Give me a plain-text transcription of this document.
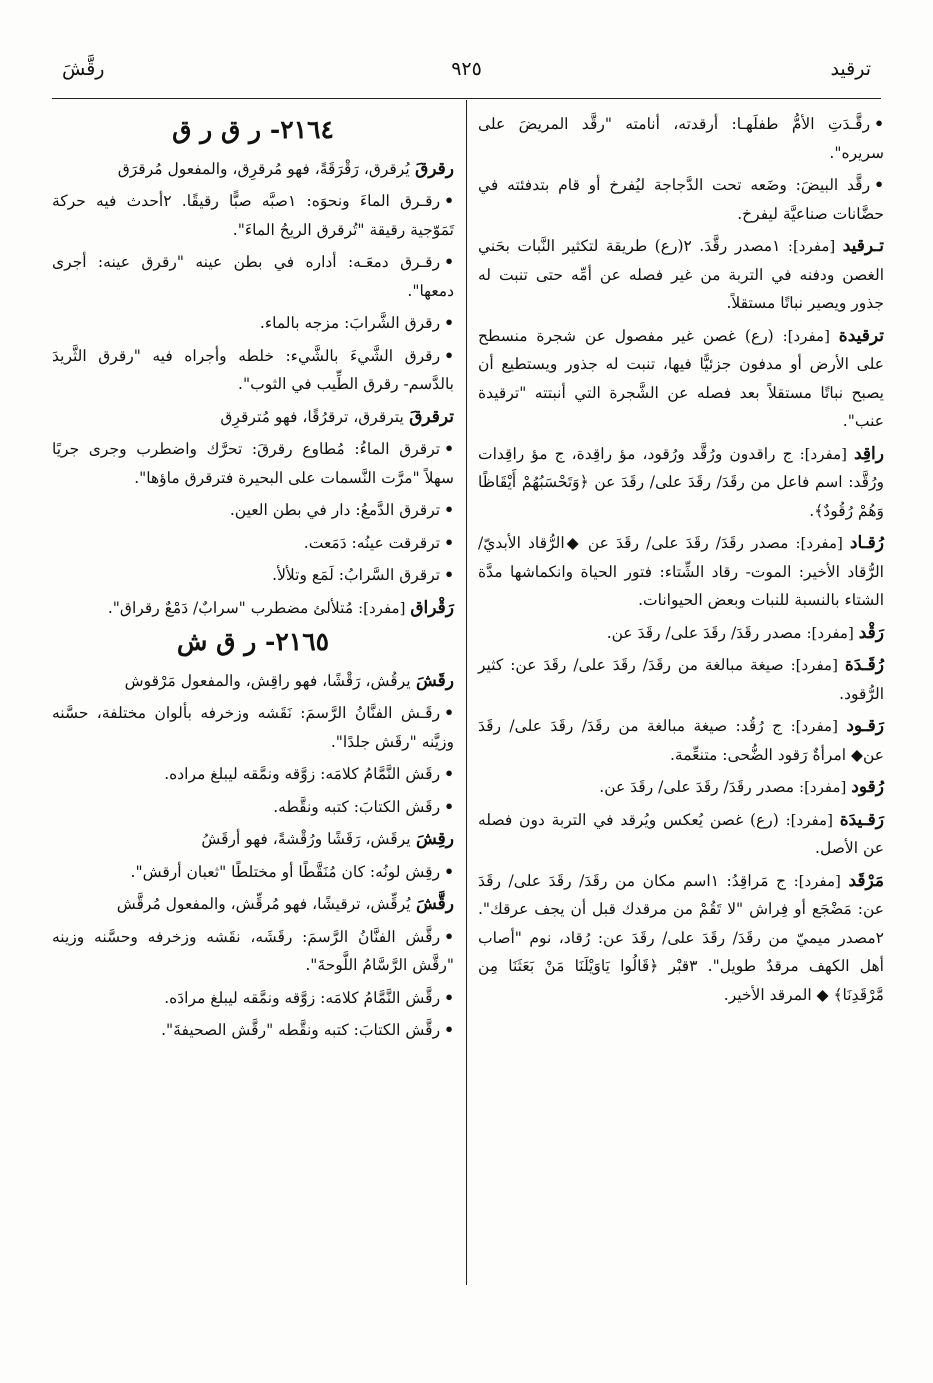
ترقيد
٩٢٥
رقَّشَ
•رقَّـدَتِ الأمُّ طفلَهـا: أرقدته، أنامته "رقَّد المريضَ على سريره".
•رقَّد البيضَ: وضَعه تحت الدَّجاجة ليُفرخ أو قام بتدفئته في حضَّانات صناعيَّة ليفرخ.
تـرقيد [مفرد]: ١مصدر رقَّدَ. ٢(رع) طريقة لتكثير النَّبات بحَني الغصن ودفنه في التربة من غير فصله عن أمِّه حتى تنبت له جذور ويصير نباتًا مستقلاً.
ترقيدة [مفرد]: (رع) غصن غير مفصول عن شجرة منسطح على الأرض أو مدفون جزئيًّا فيها، تنبت له جذور ويستطيع أن يصبح نباتًا مستقلاً بعد فصله عن الشَّجرة التي أنبتته "ترقيدة عنب".
راقِد [مفرد]: ج راقدون ورُقَّد ورُقود، مؤ راقِدة، ج مؤ راقِدات ورُقَّد: اسم فاعل من رقَدَ/ رقَدَ على/ رقَدَ عن ﴿وَتَحْسَبُهُمْ أَيْقَاظًا وَهُمْ رُقُودٌ﴾.
رُقـاد [مفرد]: مصدر رقَدَ/ رقَدَ على/ رقَدَ عن ◆الرُّقاد الأبديّ/ الرُّقاد الأخير: الموت- رقاد الشِّتاء: فتور الحياة وانكماشها مدَّة الشتاء بالنسبة للنبات وبعض الحيوانات.
رَقْد [مفرد]: مصدر رقَدَ/ رقَدَ على/ رقَدَ عن.
رُقَـدَة [مفرد]: صيغة مبالغة من رقَدَ/ رقَدَ على/ رقَدَ عن: كثير الرُّقود.
رَقـود [مفرد]: ج رُقُد: صيغة مبالغة من رقَدَ/ رقَدَ على/ رقَدَ عن◆ امرأةٌ رَقود الضُّحى: متنعِّمة.
رُقود [مفرد]: مصدر رقَدَ/ رقَدَ على/ رقَدَ عن.
رَقـيدَة [مفرد]: (رع) غصن يُعكس ويُرقد في التربة دون فصله عن الأصل.
مَرْقَد [مفرد]: ج مَراقِدُ: ١اسم مكان من رقَدَ/ رقَدَ على/ رقَدَ عن: مَضْجَع أو فِراش "لا تَقُمْ من مرقدك قبل أن يجف عرقك". ٢مصدر ميميّ من رقَدَ/ رقَدَ على/ رقَدَ عن: رُقاد، نوم "أصاب أهل الكهف مرقدٌ طويل". ٣قبْر ﴿قَالُوا يَاوَيْلَنَا مَنْ بَعَثَنَا مِن مَّرْقَدِنَا﴾ ◆ المرقد الأخير.
٢١٦٤- ر ق ر ق
رقرقَ يُرقرق، رَقْرَقَةً، فهو مُرقرِق، والمفعول مُرقرَق
•رقـرق الماءَ ونحوَه: ١صبَّه صبًّا رقيقًا. ٢أحدث فيه حركة تَمَوّجية رقيقة "تُرقرق الريحُ الماءَ".
•رقـرق دمعَـه: أداره في بطن عينه "رقرق عينه: أجرى دمعها".
•رقرق الشَّرابَ: مزجه بالماء.
•رقرق الشَّيءَ بالشَّيء: خلطه وأجراه فيه "رقرق الثَّريدَ بالدَّسم- رقرق الطِّيب في الثوب".
ترقرقَ يترقرق، ترقرُقًا، فهو مُترقرِق
•ترقرق الماءُ: مُطاوع رقرقَ: تحرَّك واضطرب وجرى جريًا سهلاً "مرَّت النَّسمات على البحيرة فترقرق ماؤها".
•ترقرق الدَّمعُ: دار في بطن العين.
•ترقرقت عينُه: دَمَعت.
•ترقرق السَّرابُ: لَمَع وتلألأ.
رَقْراق [مفرد]: مُتلألئ مضطرب "سرابٌ/ دَمْعٌ رقراق".
٢١٦٥- ر ق ش
رقَشَ يرقُش، رَقْشًا، فهو راقِش، والمفعول مَرْقوش
•رقَـش الفنَّانُ الرَّسمَ: نَقَشه وزخرفه بألوان مختلفة، حسَّنه وزيَّنه "رقَش جلدًا".
•رقَش النَّمَّامُ كلامَه: زوَّقه ونمَّقه ليبلغ مراده.
•رقَش الكتابَ: كتبه ونقَّطه.
رقِشَ يرقَش، رَقَشًا ورُقْشةً، فهو أرقَشُ
•رقِش لونُه: كان مُنَقَّطًا أو مختلطًا "ثعبان أرقش".
رقَّشَ يُرقِّش، ترقيشًا، فهو مُرقِّش، والمفعول مُرقَّش
•رقَّش الفنَّانُ الرَّسمَ: رقَشَه، نقَشه وزخرفه وحسَّنه وزينه "رقَّش الرَّسَّامُ اللَّوحةَ".
•رقَّش النَّمَّامُ كلامَه: زوَّقه ونمَّقه ليبلغ مرادَه.
•رقَّش الكتابَ: كتبه ونقَّطه "رقَّش الصحيفةَ".
